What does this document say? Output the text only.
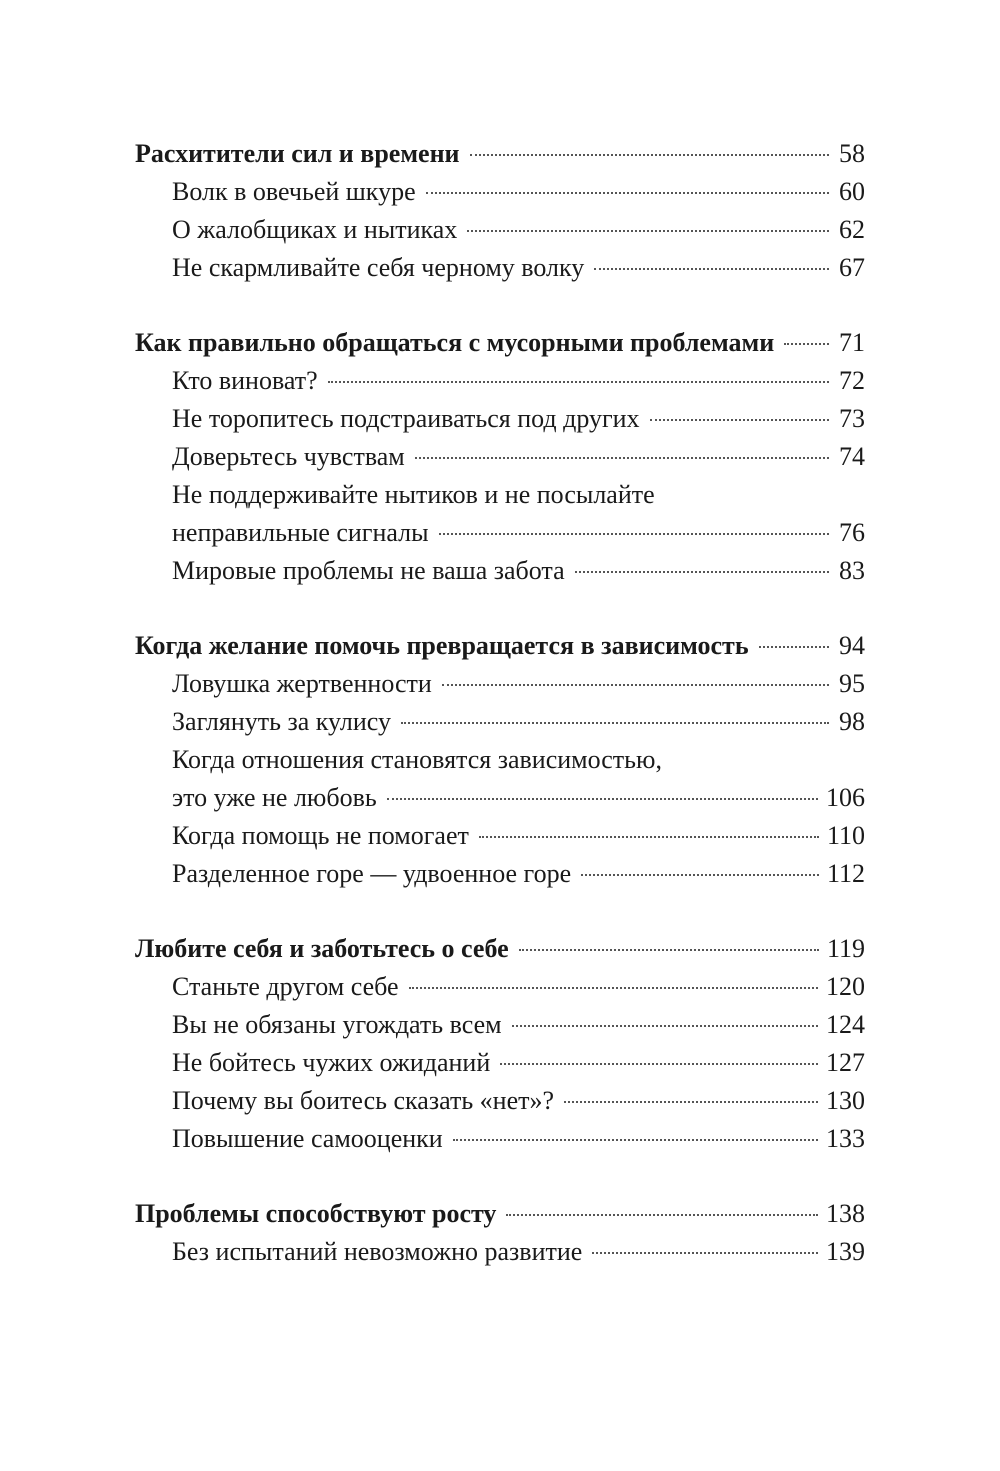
Расхитители сил и времени	58
Волк в овечьей шкуре	60
О жалобщиках и нытиках	62
Не скармливайте себя черному волку	67
Как правильно обращаться с мусорными проблемами 71
Кто виноват?	72
Не торопитесь подстраиваться под других	73
Доверьтесь чувствам	74
Не поддерживайте нытиков и не посылайте
неправильные сигналы	76
Мировые проблемы не ваша забота	83
Когда желание помочь превращается в зависимость	94
Ловушка жертвенности	95
Заглянуть за кулису	98
Когда отношения становятся зависимостью,
это уже не любовь	106
Когда помощь не помогает	110
Разделенное горе — удвоенное горе	112
Любите себя и заботьтесь о себе	119
Станьте другом себе	120
Вы не обязаны угождать всем	124
Не бойтесь чужих ожиданий	127
Почему вы боитесь сказать «нет»?	130
Повышение самооценки	133
Проблемы способствуют росту	138
Без испытаний невозможно развитие	139
